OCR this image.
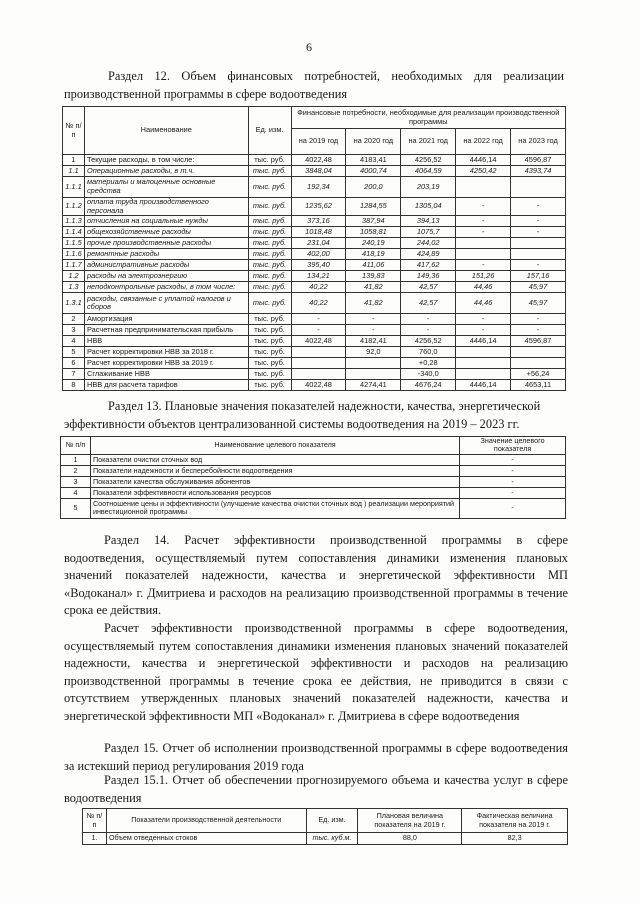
6
Раздел 12. Объем финансовых потребностей, необходимых для реализации производственной программы в сфере водоотведения
№ п/п	Наименование	Ед. изм.	Финансовые потребности, необходимые для реализации производственной программы				
			на 2019 год	на 2020 год	на 2021 год	на 2022 год	на 2023 год
1	Текущие расходы, в том числе:	тыс. руб.	4022,48	4183,41	4256,52	4446,14	4596,87
1.1	Операционные расходы, в т.ч.	тыс. руб.	3848,04	4000,74	4064,59	4250,42	4393,74
1.1.1	материалы и малоценные основные средства	тыс. руб.	192,34	200,0	203,19		
1.1.2	оплата труда производственного персонала	тыс. руб.	1235,62	1284,55	1305,04	-	-
1.1.3	отчисления на социальные нужды	тыс. руб.	373,16	387,94	394,13	-	-
1.1.4	общехозяйственные расходы	тыс. руб.	1018,48	1058,81	1075,7	-	-
1.1.5	прочие производственные расходы	тыс. руб.	231,04	240,19	244,02		
1.1.6	ремонтные расходы	тыс. руб.	402,00	418,19	424,89		
1.1.7	административные расходы	тыс. руб.	395,40	411,06	417,62	-	-
1.2	расходы на электроэнергию	тыс. руб.	134,21	139,83	149,36	151,26	157,16
1.3	неподконтрольные расходы, в том числе:	тыс. руб.	40,22	41,82	42,57	44,46	45,97
1.3.1	расходы, связанные с уплатой налогов и сборов	тыс. руб.	40,22	41,82	42,57	44,46	45,97
2	Амортизация	тыс. руб.	-	-	-	-	-
3	Расчетная предпринимательская прибыль	тыс. руб.	-	-	-	-	-
4	НВВ	тыс. руб.	4022,48	4182,41	4256,52	4446,14	4596,87
5	Расчет корректировки НВВ за 2018 г.	тыс. руб.		92,0	760,0		
6	Расчет корректировки НВВ за 2019 г.	тыс. руб.			+0,28		
7	Сглаживание НВВ	тыс. руб.			-340,0		+56,24
8	НВВ для расчета тарифов	тыс. руб.	4022,48	4274,41	4676,24	4446,14	4653,11
Раздел 13. Плановые значения показателей надежности, качества, энергетической эффективности объектов централизованной системы водоотведения на 2019 – 2023 гг.
№ п/п	Наименование целевого показателя	Значение целевого показателя
1	Показатели очистки сточных вод	-
2	Показатели надежности и бесперебойности водоотведения	-
3	Показатели качества обслуживания абонентов	-
4	Показатели эффективности использования ресурсов	-
5	Соотношение цены и эффективности (улучшение качества очистки сточных вод ) реализации мероприятий инвестиционной программы	-
Раздел 14. Расчет эффективности производственной программы в сфере водоотведения, осуществляемый путем сопоставления динамики изменения плановых значений показателей надежности, качества и энергетической эффективности МП «Водоканал» г. Дмитриева и расходов на реализацию производственной программы в течение срока ее действия.
Расчет эффективности производственной программы в сфере водоотведения, осуществляемый путем сопоставления динамики изменения плановых значений показателей надежности, качества и энергетической эффективности и расходов на реализацию производственной программы в течение срока ее действия, не приводится в связи с отсутствием утвержденных плановых значений показателей надежности, качества и энергетической эффективности МП «Водоканал» г. Дмитриева в сфере водоотведения
Раздел 15. Отчет об исполнении производственной программы в сфере водоотведения за истекший период регулирования 2019 года
Раздел 15.1. Отчет об обеспечении прогнозируемого объема и качества услуг в сфере водоотведения
№ п/п	Показатели производственной деятельности	Ед. изм.	Плановая величина показателя на 2019 г.	Фактическая величина показателя на 2019 г.
1.	Объем отведенных стоков	тыс. куб.м.	88,0	82,3
